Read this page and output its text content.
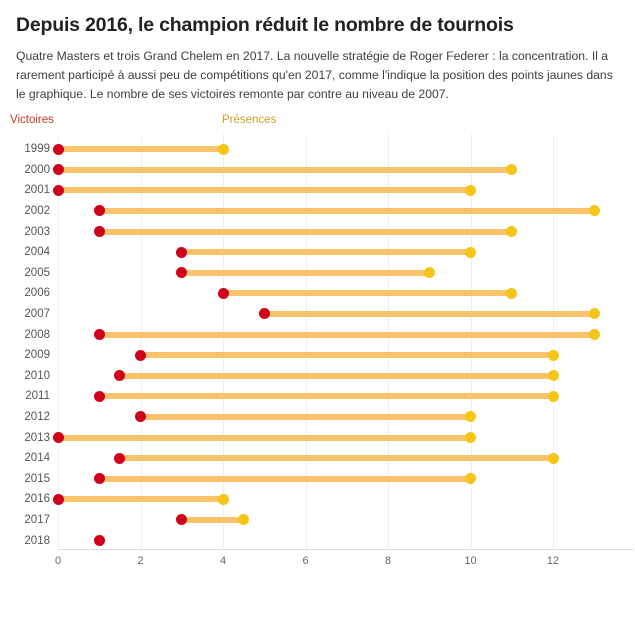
Depuis 2016, le champion réduit le nombre de tournois
Quatre Masters et trois Grand Chelem en 2017. La nouvelle stratégie de Roger Federer : la concentration. Il a rarement participé à aussi peu de compétitions qu'en 2017, comme l'indique la position des points jaunes dans le graphique. Le nombre de ses victoires remonte par contre au niveau de 2007.
Victoires	Présences
0	2	4	6	8	10	12
1999
2000
2001
2002
2003
2004
2005
2006
2007
2008
2009
2010
2011
2012
2013
2014
2015
2016
2017
2018
